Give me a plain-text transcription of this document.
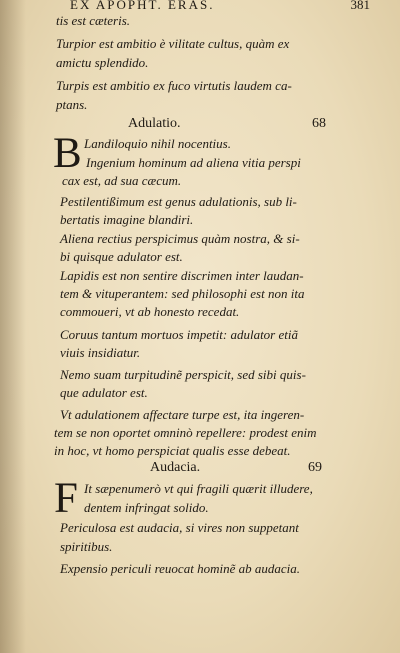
EX APOPHT. ERAS.	381
tis est cæteris.
Turpior est ambitio è vilitate cultus, quàm ex
amictu splendido.
Turpis est ambitio ex fuco virtutis laudem ca-
ptans.
Adulatio.	68
B Landiloquio nihil nocentius.
Ingenium hominum ad aliena vitia perspi
cax est, ad sua cæcum.
Pestilentißimum est genus adulationis, sub li-
bertatis imagine blandiri.
Aliena rectius perspicimus quàm nostra, & si-
bi quisque adulator est.
Lapidis est non sentire discrimen inter laudan-
tem & vituperantem: sed philosophi est non ita
commoueri, vt ab honesto recedat.
Coruus tantum mortuos impetit: adulator etiã
viuis insidiatur.
Nemo suam turpitudinẽ perspicit, sed sibi quis-
que adulator est.
Vt adulationem affectare turpe est, ita ingeren-
tem se non oportet omninò repellere: prodest enim
in hoc, vt homo perspiciat qualis esse debeat.
Audacia.	69
F It sæpenumerò vt qui fragili quærit illudere,
dentem infringat solido.
Periculosa est audacia, si vires non suppetant
spiritibus.
Expensio periculi reuocat hominẽ ab audacia.
